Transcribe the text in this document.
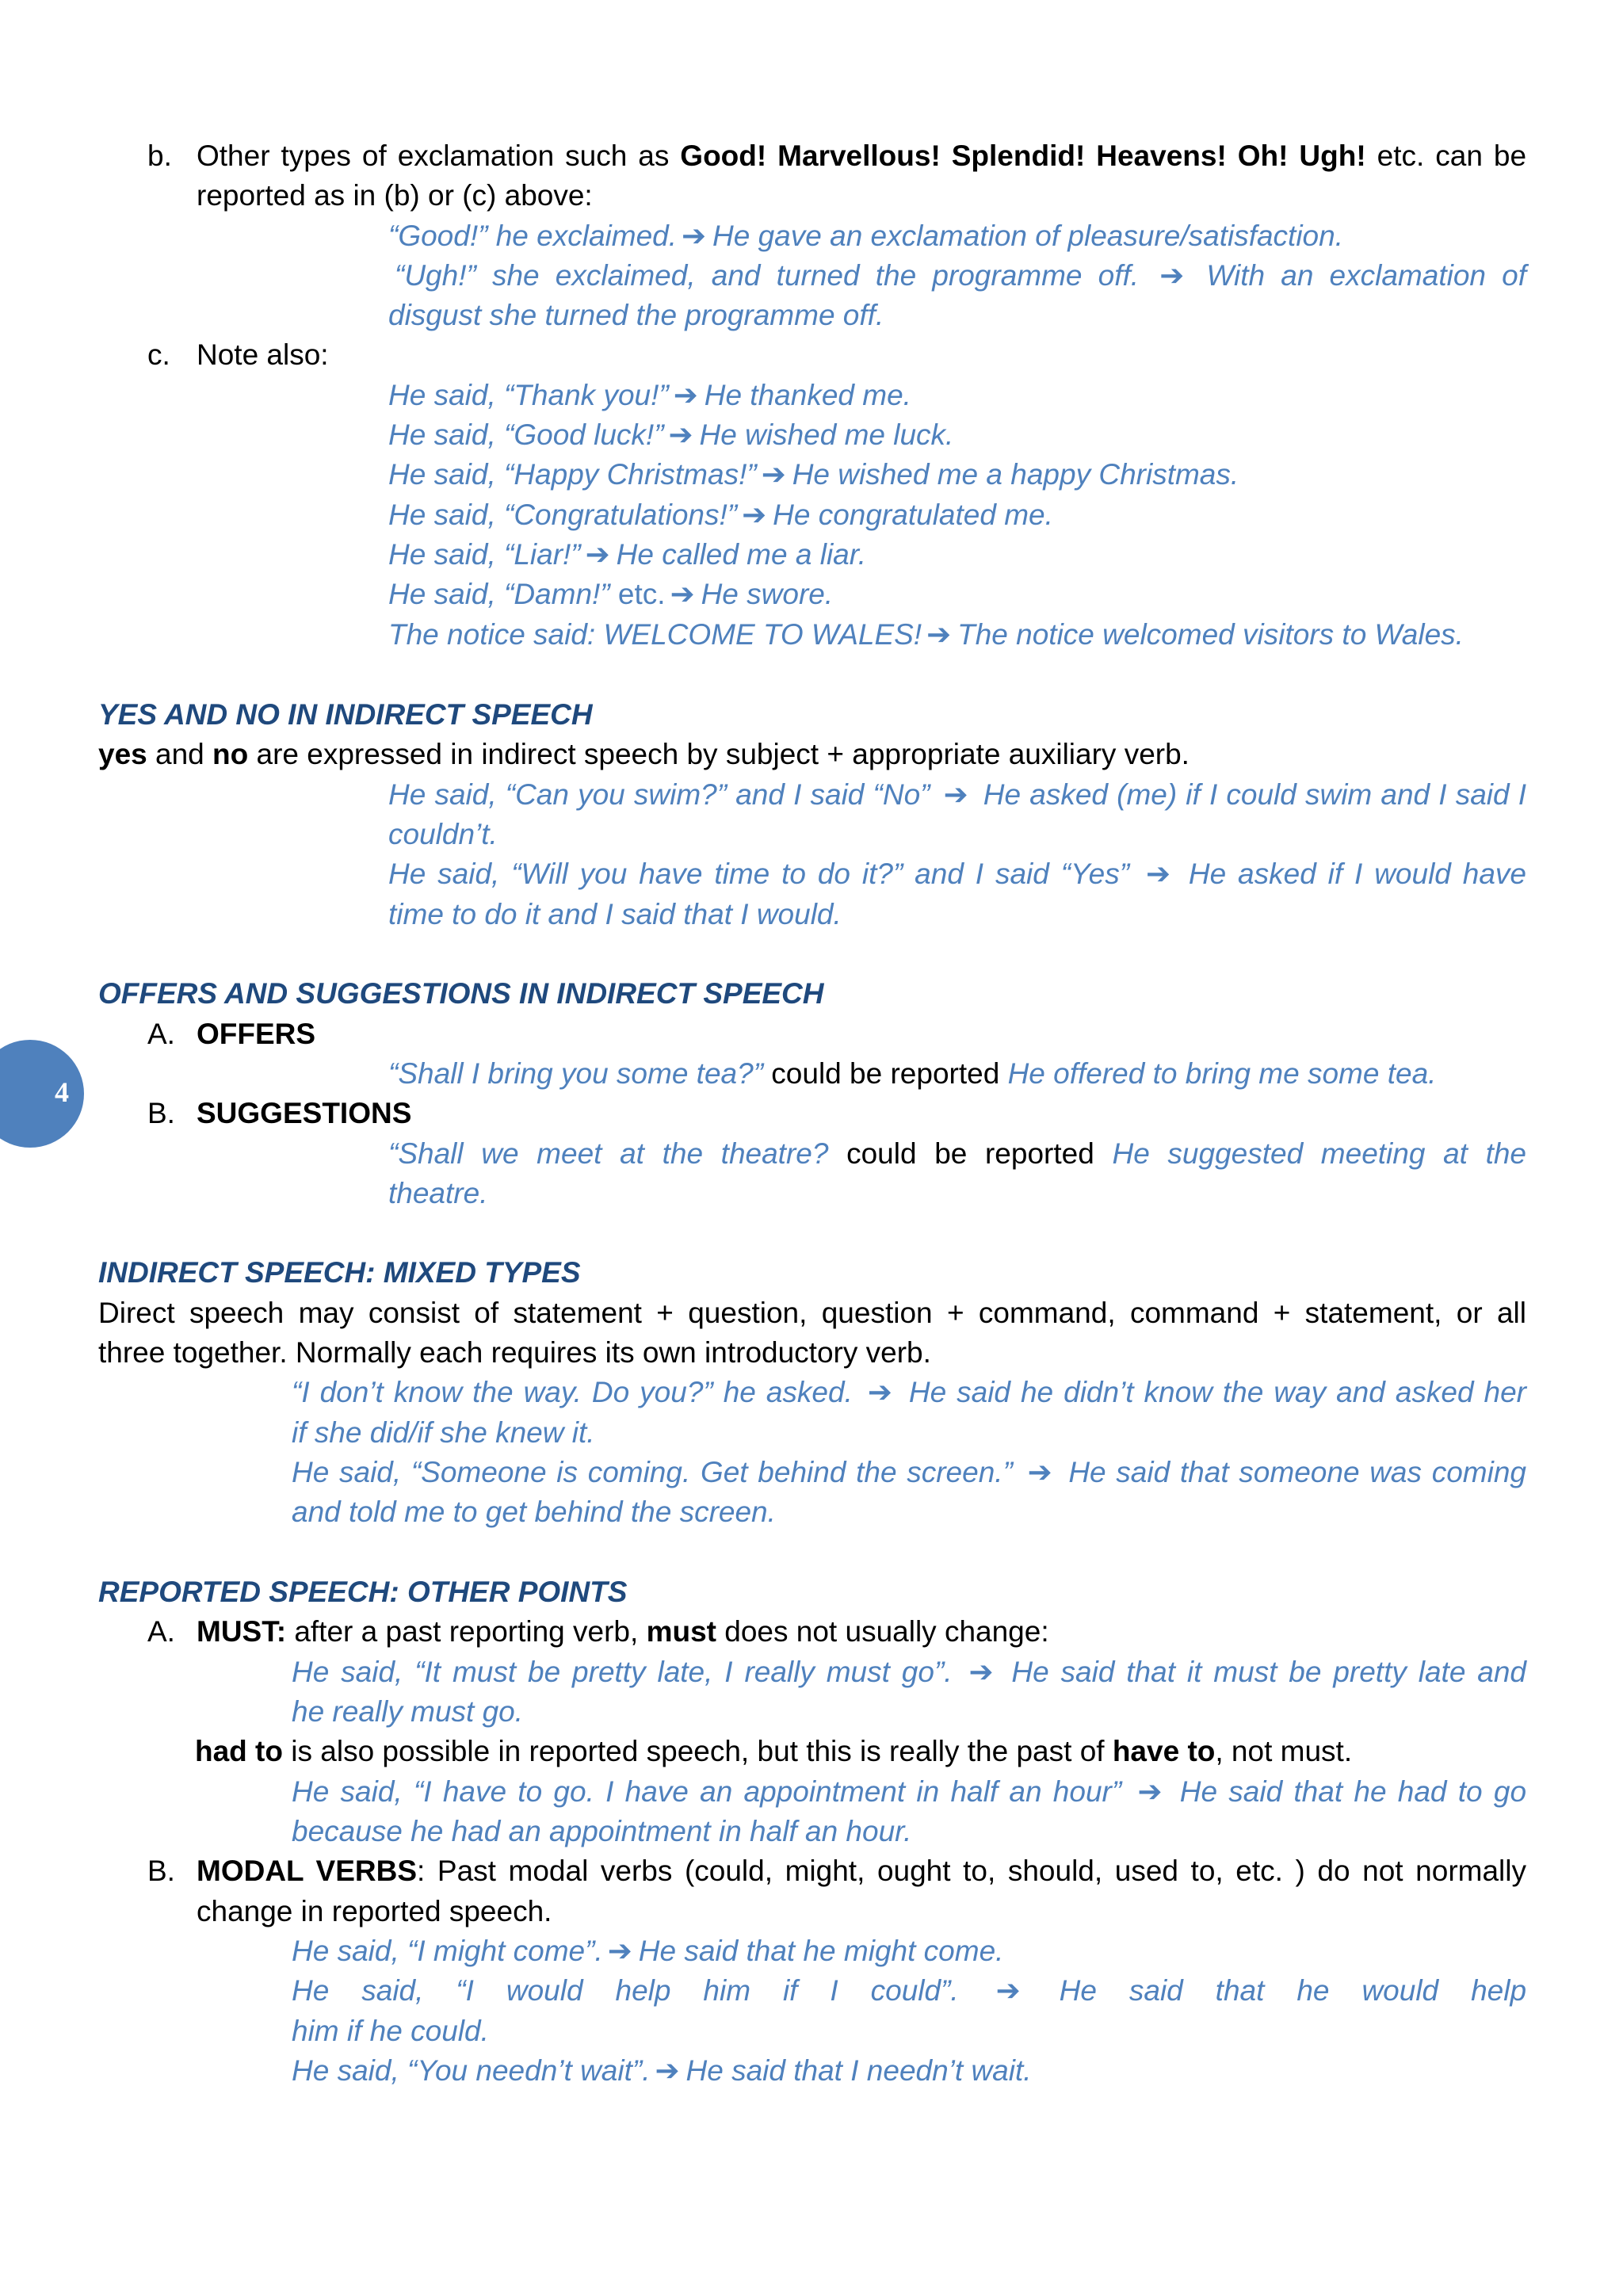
b. Other types of exclamation such as Good! Marvellous! Splendid! Heavens! Oh! Ugh! etc. can be
reported as in (b) or (c) above:
“Good!” he exclaimed. ➔ He gave an exclamation of pleasure/satisfaction.
“Ugh!” she exclaimed, and turned the programme off. ➔ With an exclamation of
disgust she turned the programme off.
c. Note also:
He said, “Thank you!” ➔ He thanked me.
He said, “Good luck!” ➔ He wished me luck.
He said, “Happy Christmas!” ➔ He wished me a happy Christmas.
He said, “Congratulations!” ➔ He congratulated me.
He said, “Liar!” ➔ He called me a liar.
He said, “Damn!” etc. ➔ He swore.
The notice said: WELCOME TO WALES! ➔ The notice welcomed visitors to Wales.
YES AND NO IN INDIRECT SPEECH
yes and no are expressed in indirect speech by subject + appropriate auxiliary verb.
He said, “Can you swim?” and I said “No” ➔ He asked (me) if I could swim and I said I
couldn’t.
He said, “Will you have time to do it?” and I said “Yes” ➔ He asked if I would have
time to do it and I said that I would.
OFFERS AND SUGGESTIONS IN INDIRECT SPEECH
A. OFFERS
“Shall I bring you some tea?” could be reported He offered to bring me some tea.
B. SUGGESTIONS
“Shall we meet at the theatre? could be reported He suggested meeting at the
theatre.
INDIRECT SPEECH: MIXED TYPES
Direct speech may consist of statement + question, question + command, command + statement, or all
three together. Normally each requires its own introductory verb.
“I don’t know the way. Do you?” he asked. ➔ He said he didn’t know the way and asked her
if she did/if she knew it.
He said, “Someone is coming. Get behind the screen.” ➔ He said that someone was coming
and told me to get behind the screen.
REPORTED SPEECH: OTHER POINTS
A. MUST: after a past reporting verb, must does not usually change:
He said, “It must be pretty late, I really must go”. ➔ He said that it must be pretty late and
he really must go.
had to is also possible in reported speech, but this is really the past of have to, not must.
He said, “I have to go. I have an appointment in half an hour” ➔ He said that he had to go
because he had an appointment in half an hour.
B. MODAL VERBS: Past modal verbs (could, might, ought to, should, used to, etc. ) do not normally
change in reported speech.
He said, “I might come”. ➔ He said that he might come.
He said, “I would help him if I could”. ➔ He said that he would help
him if he could.
He said, “You needn’t wait”. ➔ He said that I needn’t wait.
4
